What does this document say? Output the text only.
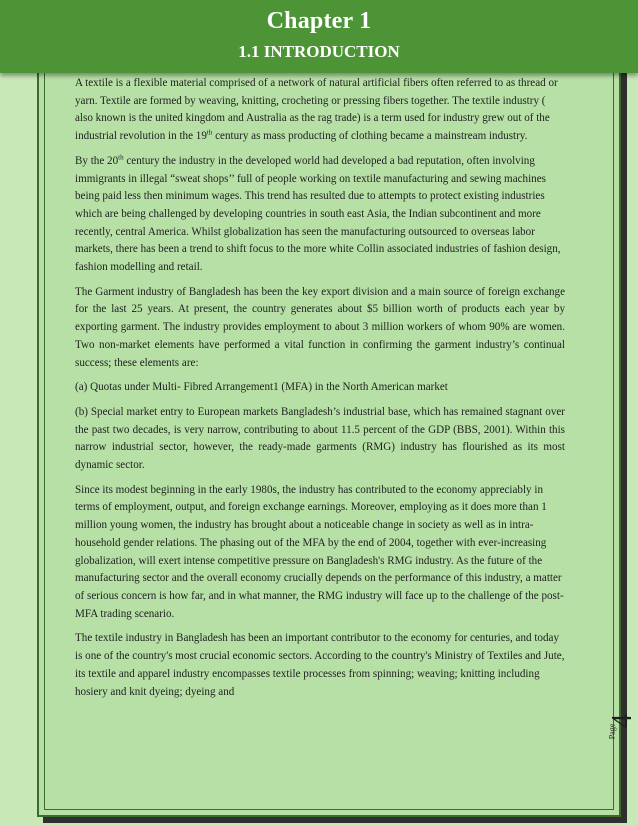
Chapter 1
1.1 INTRODUCTION

A textile is a flexible material comprised of a network of natural artificial fibers often referred to as thread or yarn. Textile are formed by weaving, knitting, crocheting or pressing fibers together. The textile industry ( also known is the united kingdom and Australia as the rag trade) is a term used for industry grew out of the industrial revolution in the 19th century as mass producting of clothing became a mainstream industry.

By the 20th century the industry in the developed world had developed a bad reputation, often involving immigrants in illegal “sweat shops’’ full of people working on textile manufacturing and sewing machines being paid less then minimum wages. This trend has resulted due to attempts to protect existing industries which are being challenged by developing countries in south east Asia, the Indian subcontinent and more recently, central America. Whilst globalization has seen the manufacturing outsourced to overseas labor markets, there has been a trend to shift focus to the more white Collin associated industries of fashion design, fashion modelling and retail.

The Garment industry of Bangladesh has been the key export division and a main source of foreign exchange for the last 25 years. At present, the country generates about $5 billion worth of products each year by exporting garment. The industry provides employment to about 3 million workers of whom 90% are women. Two non-market elements have performed a vital function in confirming the garment industry’s continual success; these elements are:

(a) Quotas under Multi- Fibred Arrangement1 (MFA) in the North American market

(b) Special market entry to European markets Bangladesh’s industrial base, which has remained stagnant over the past two decades, is very narrow, contributing to about 11.5 percent of the GDP (BBS, 2001). Within this narrow industrial sector, however, the ready-made garments (RMG) industry has flourished as its most dynamic sector.

Since its modest beginning in the early 1980s, the industry has contributed to the economy appreciably in terms of employment, output, and foreign exchange earnings. Moreover, employing as it does more than 1 million young women, the industry has brought about a noticeable change in society as well as in intra-household gender relations. The phasing out of the MFA by the end of 2004, together with ever-increasing globalization, will exert intense competitive pressure on Bangladesh's RMG industry. As the future of the manufacturing sector and the overall economy crucially depends on the performance of this industry, a matter of serious concern is how far, and in what manner, the RMG industry will face up to the challenge of the post-MFA trading scenario.

The textile industry in Bangladesh has been an important contributor to the economy for centuries, and today is one of the country's most crucial economic sectors. According to the country's Ministry of Textiles and Jute, its textile and apparel industry encompasses textile processes from spinning; weaving; knitting including hosiery and knit dyeing; dyeing and

Page
4
